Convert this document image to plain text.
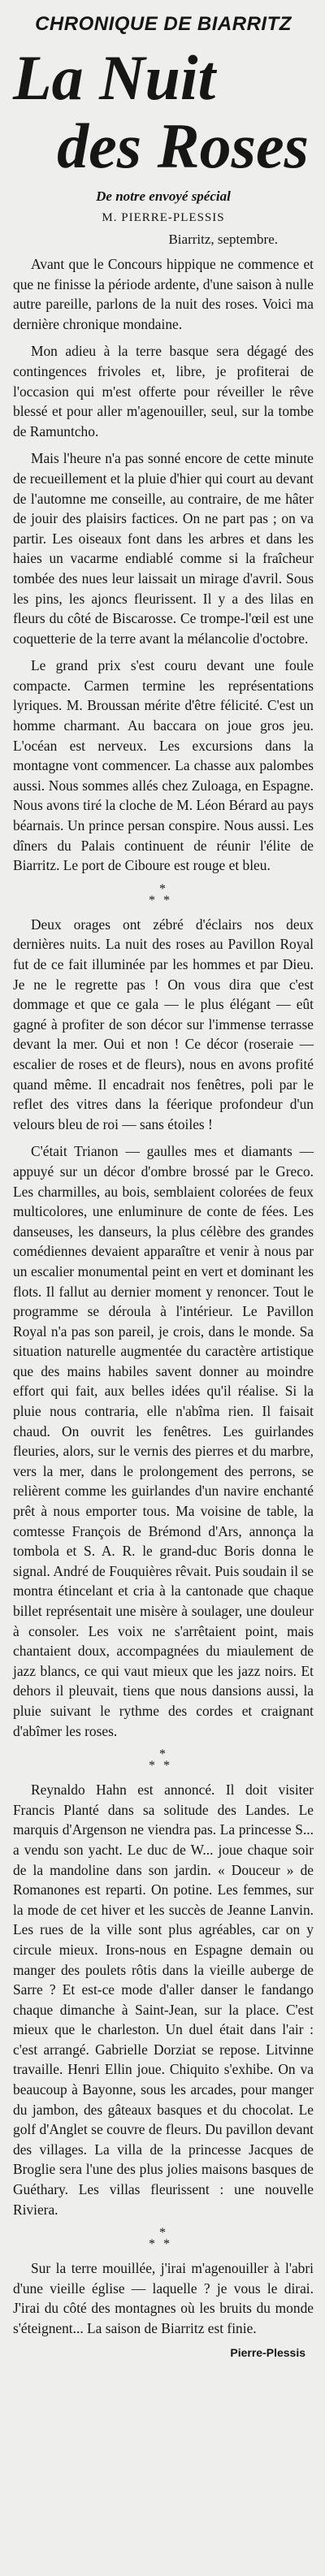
CHRONIQUE DE BIARRITZ
La Nuit
des Roses
De notre envoyé spécial
M. PIERRE-PLESSIS
Biarritz, septembre.

Avant que le Concours hippique ne commence et que ne finisse la période ardente, d'une saison à nulle autre pareille, parlons de la nuit des roses. Voici ma dernière chronique mondaine.

Mon adieu à la terre basque sera dégagé des contingences frivoles et, libre, je profiterai de l'occasion qui m'est offerte pour réveiller le rêve blessé et pour aller m'agenouiller, seul, sur la tombe de Ramuntcho.

Mais l'heure n'a pas sonné encore de cette minute de recueillement et la pluie d'hier qui court au devant de l'automne me conseille, au contraire, de me hâter de jouir des plaisirs factices. On ne part pas ; on va partir. Les oiseaux font dans les arbres et dans les haies un vacarme endiablé comme si la fraîcheur tombée des nues leur laissait un mirage d'avril. Sous les pins, les ajoncs fleurissent. Il y a des lilas en fleurs du côté de Biscarosse. Ce trompe-l'œil est une coquetterie de la terre avant la mélancolie d'octobre.

Le grand prix s'est couru devant une foule compacte. Carmen termine les représentations lyriques. M. Broussan mérite d'être félicité. C'est un homme charmant. Au baccara on joue gros jeu. L'océan est nerveux. Les excursions dans la montagne vont commencer. La chasse aux palombes aussi. Nous sommes allés chez Zuloaga, en Espagne. Nous avons tiré la cloche de M. Léon Bérard au pays béarnais. Un prince persan conspire. Nous aussi. Les dîners du Palais continuent de réunir l'élite de Biarritz. Le port de Ciboure est rouge et bleu.

*
**

Deux orages ont zébré d'éclairs nos deux dernières nuits. La nuit des roses au Pavillon Royal fut de ce fait illuminée par les hommes et par Dieu. Je ne le regrette pas ! On vous dira que c'est dommage et que ce gala — le plus élégant — eût gagné à profiter de son décor sur l'immense terrasse devant la mer. Oui et non ! Ce décor (roseraie — escalier de roses et de fleurs), nous en avons profité quand même. Il encadrait nos fenêtres, poli par le reflet des vitres dans la féerique profondeur d'un velours bleu de roi — sans étoiles !

C'était Trianon — gaulles mes et diamants — appuyé sur un décor d'ombre brossé par le Greco. Les charmilles, au bois, semblaient colorées de feux multicolores, une enluminure de conte de fées. Les danseuses, les danseurs, la plus célèbre des grandes comédiennes devaient apparaître et venir à nous par un escalier monumental peint en vert et dominant les flots. Il fallut au dernier moment y renoncer. Tout le programme se déroula à l'intérieur. Le Pavillon Royal n'a pas son pareil, je crois, dans le monde. Sa situation naturelle augmentée du caractère artistique que des mains habiles savent donner au moindre effort qui fait, aux belles idées qu'il réalise. Si la pluie nous contraria, elle n'abîma rien. Il faisait chaud. On ouvrit les fenêtres. Les guirlandes fleuries, alors, sur le vernis des pierres et du marbre, vers la mer, dans le prolongement des perrons, se relièrent comme les guirlandes d'un navire enchanté prêt à nous emporter tous. Ma voisine de table, la comtesse François de Brémond d'Ars, annonça la tombola et S. A. R. le grand-duc Boris donna le signal. André de Fouquières rêvait. Puis soudain il se montra étincelant et cria à la cantonade que chaque billet représentait une misère à soulager, une douleur à consoler. Les voix ne s'arrêtaient point, mais chantaient doux, accompagnées du miaulement de jazz blancs, ce qui vaut mieux que les jazz noirs. Et dehors il pleuvait, tiens que nous dansions aussi, la pluie suivant le rythme des cordes et craignant d'abîmer les roses.

*
**

Reynaldo Hahn est annoncé. Il doit visiter Francis Planté dans sa solitude des Landes. Le marquis d'Argenson ne viendra pas. La princesse S... a vendu son yacht. Le duc de W... joue chaque soir de la mandoline dans son jardin. « Douceur » de Romanones est reparti. On potine. Les femmes, sur la mode de cet hiver et les succès de Jeanne Lanvin. Les rues de la ville sont plus agréables, car on y circule mieux. Irons-nous en Espagne demain ou manger des poulets rôtis dans la vieille auberge de Sarre ? Et est-ce mode d'aller danser le fandango chaque dimanche à Saint-Jean, sur la place. C'est mieux que le charleston. Un duel était dans l'air : c'est arrangé. Gabrielle Dorziat se repose. Litvinne travaille. Henri Ellin joue. Chiquito s'exhibe. On va beaucoup à Bayonne, sous les arcades, pour manger du jambon, des gâteaux basques et du chocolat. Le golf d'Anglet se couvre de fleurs. Du pavillon devant des villages. La villa de la princesse Jacques de Broglie sera l'une des plus jolies maisons basques de Guéthary. Les villas fleurissent : une nouvelle Riviera.

*
**

Sur la terre mouillée, j'irai m'agenouiller à l'abri d'une vieille église — laquelle ? je vous le dirai. J'irai du côté des montagnes où les bruits du monde s'éteignent... La saison de Biarritz est finie.

Pierre-Plessis
